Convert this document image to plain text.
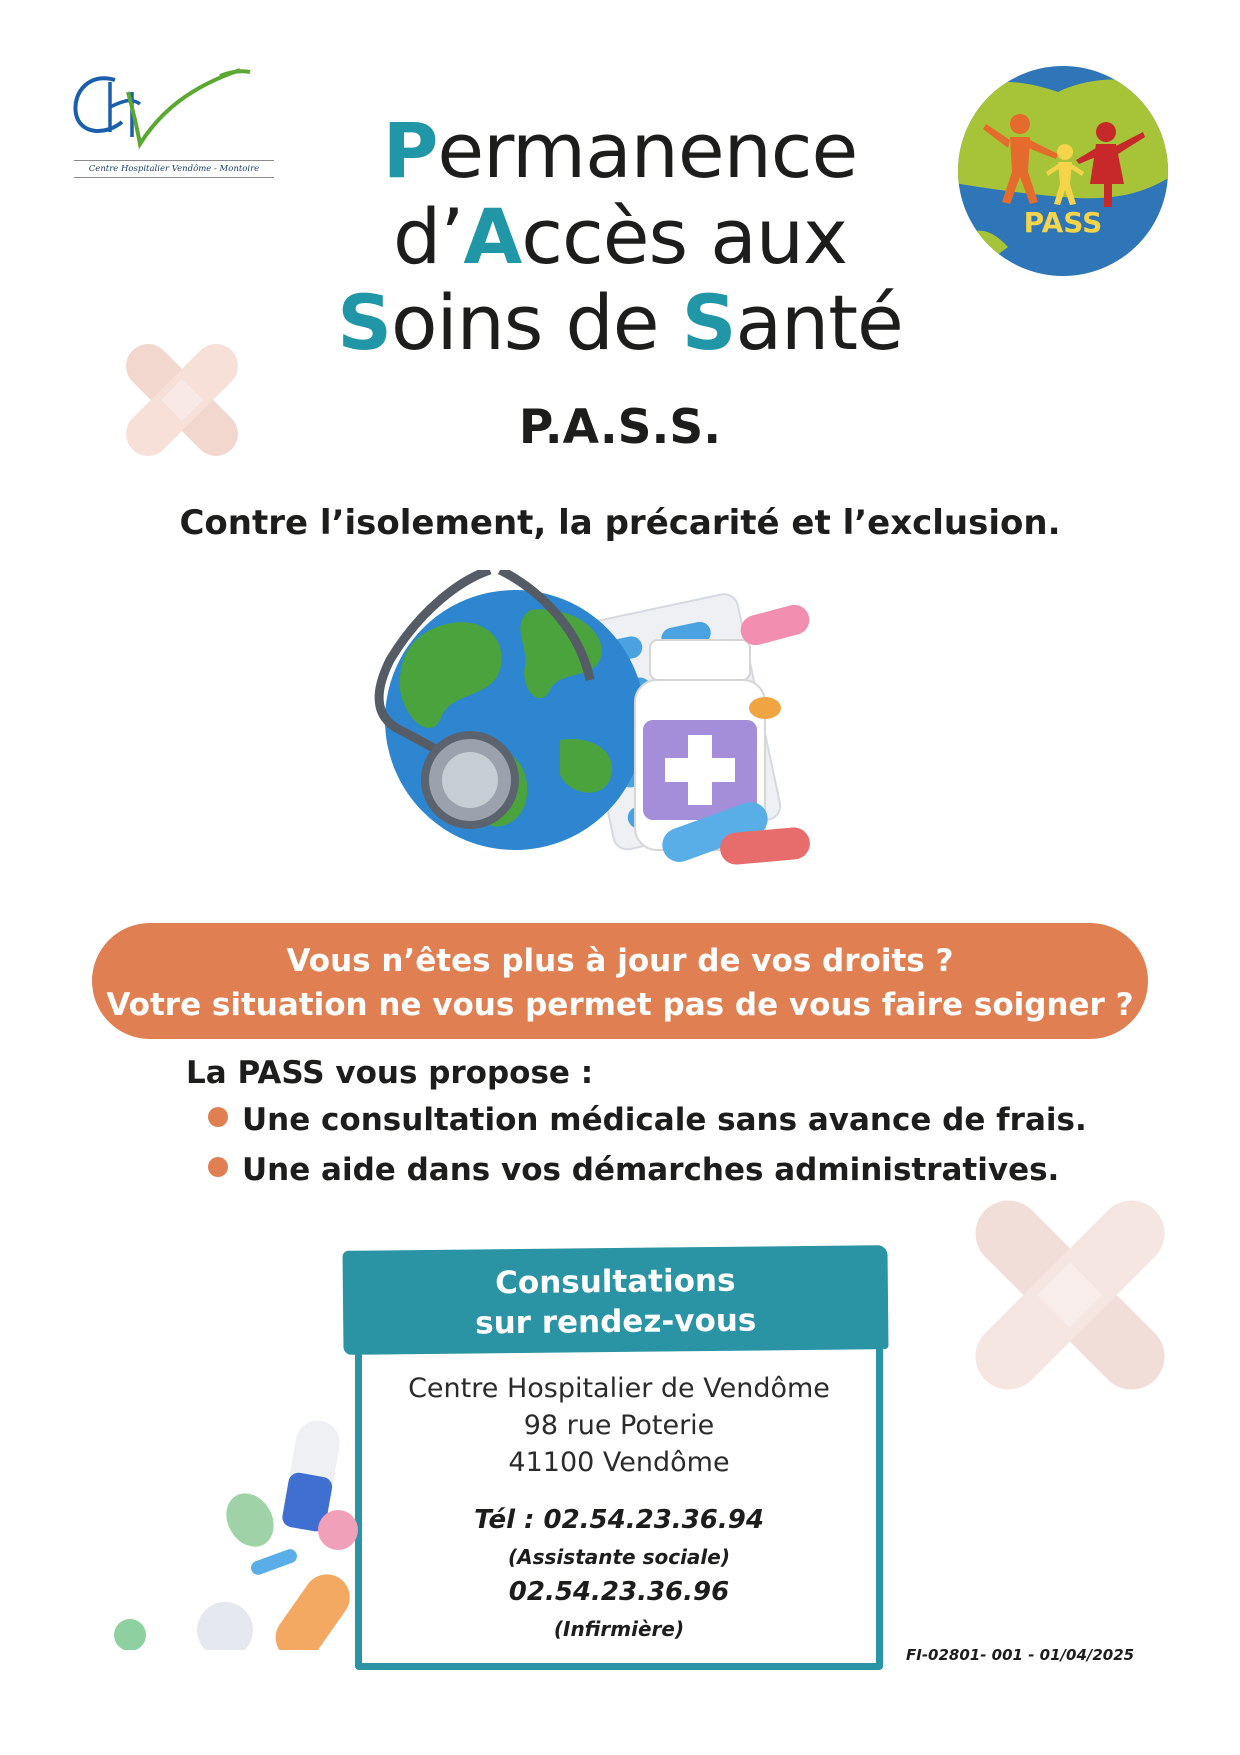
Centre Hospitalier Vendôme - Montoire	Permanence
d’Accès aux
Soins de Santé
PASS
P.A.S.S.
Contre l’isolement, la précarité et l’exclusion.
Vous n’êtes plus à jour de vos droits ?
Votre situation ne vous permet pas de vous faire soigner ?
La PASS vous propose :
Une consultation médicale sans avance de frais.
Une aide dans vos démarches administratives.
Consultations
sur rendez-vous
Centre Hospitalier de Vendôme
98 rue Poterie
41100 Vendôme
Tél : 02.54.23.36.94
(Assistante sociale)
02.54.23.36.96
(Infirmière)
FI-02801- 001 - 01/04/2025
